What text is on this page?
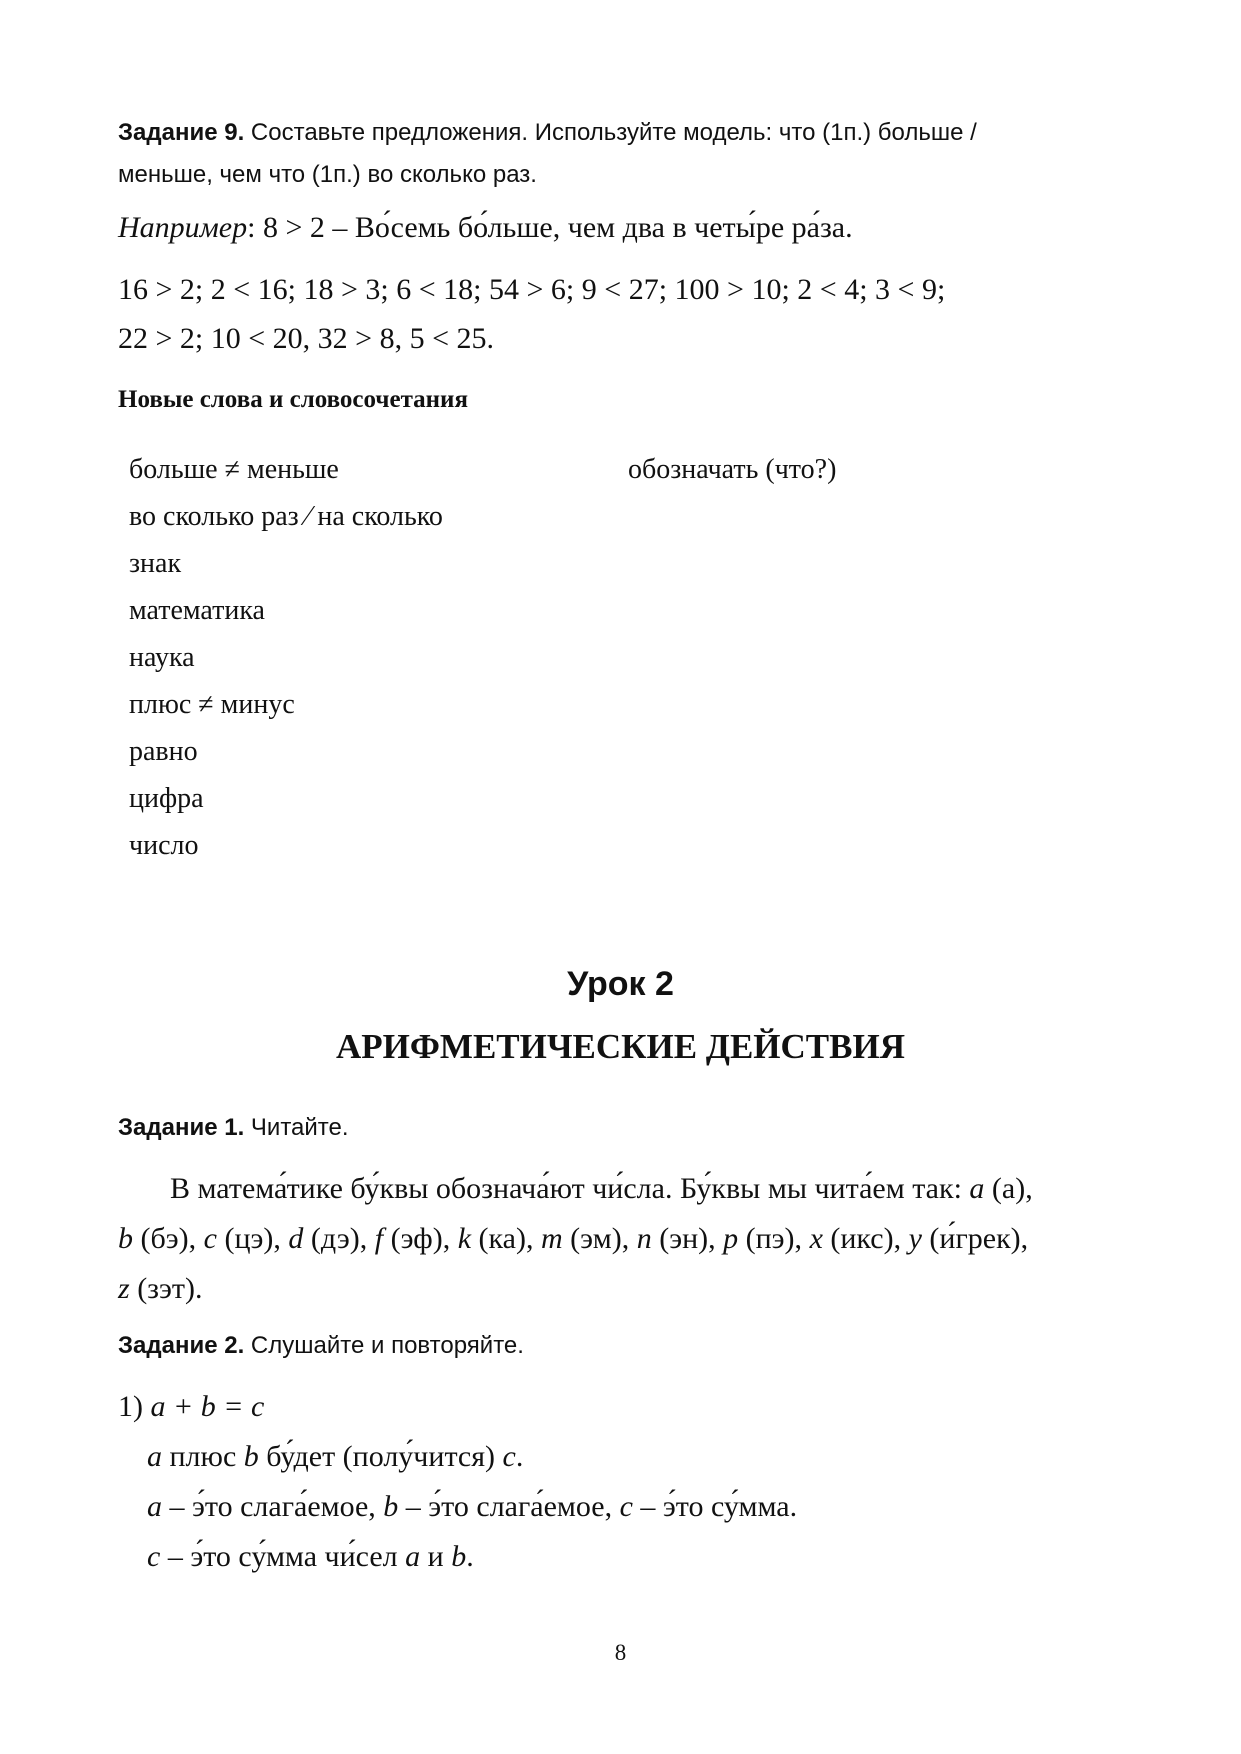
Задание 9. Составьте предложения. Используйте модель: что (1п.) больше /
меньше, чем что (1п.) во сколько раз.
Например: 8 > 2 – Во́семь бо́льше, чем два в четы́ре ра́за.
16 > 2; 2 < 16; 18 > 3; 6 < 18; 54 > 6; 9 < 27; 100 > 10; 2 < 4; 3 < 9;
22 > 2; 10 < 20, 32 > 8, 5 < 25.
Новые слова и словосочетания
больше ≠ меньше
во сколько раз ⁄ на сколько
знак
математика
наука
плюс ≠ минус
равно
цифра
число
обозначать (что?)
Урок 2
АРИФМЕТИЧЕСКИЕ ДЕЙСТВИЯ
Задание 1. Читайте.
В матема́тике бу́квы обознача́ют чи́сла. Бу́квы мы чита́ем так: a (а),
b (бэ), c (цэ), d (дэ), f (эф), k (ка), m (эм), n (эн), p (пэ), x (икс), y (и́грек),
z (зэт).
Задание 2. Слушайте и повторяйте.
1) a + b = c
a плюс b бу́дет (полу́чится) c.
a – э́то слага́емое, b – э́то слага́емое, c – э́то су́мма.
c – э́то су́мма чи́сел a и b.
8
